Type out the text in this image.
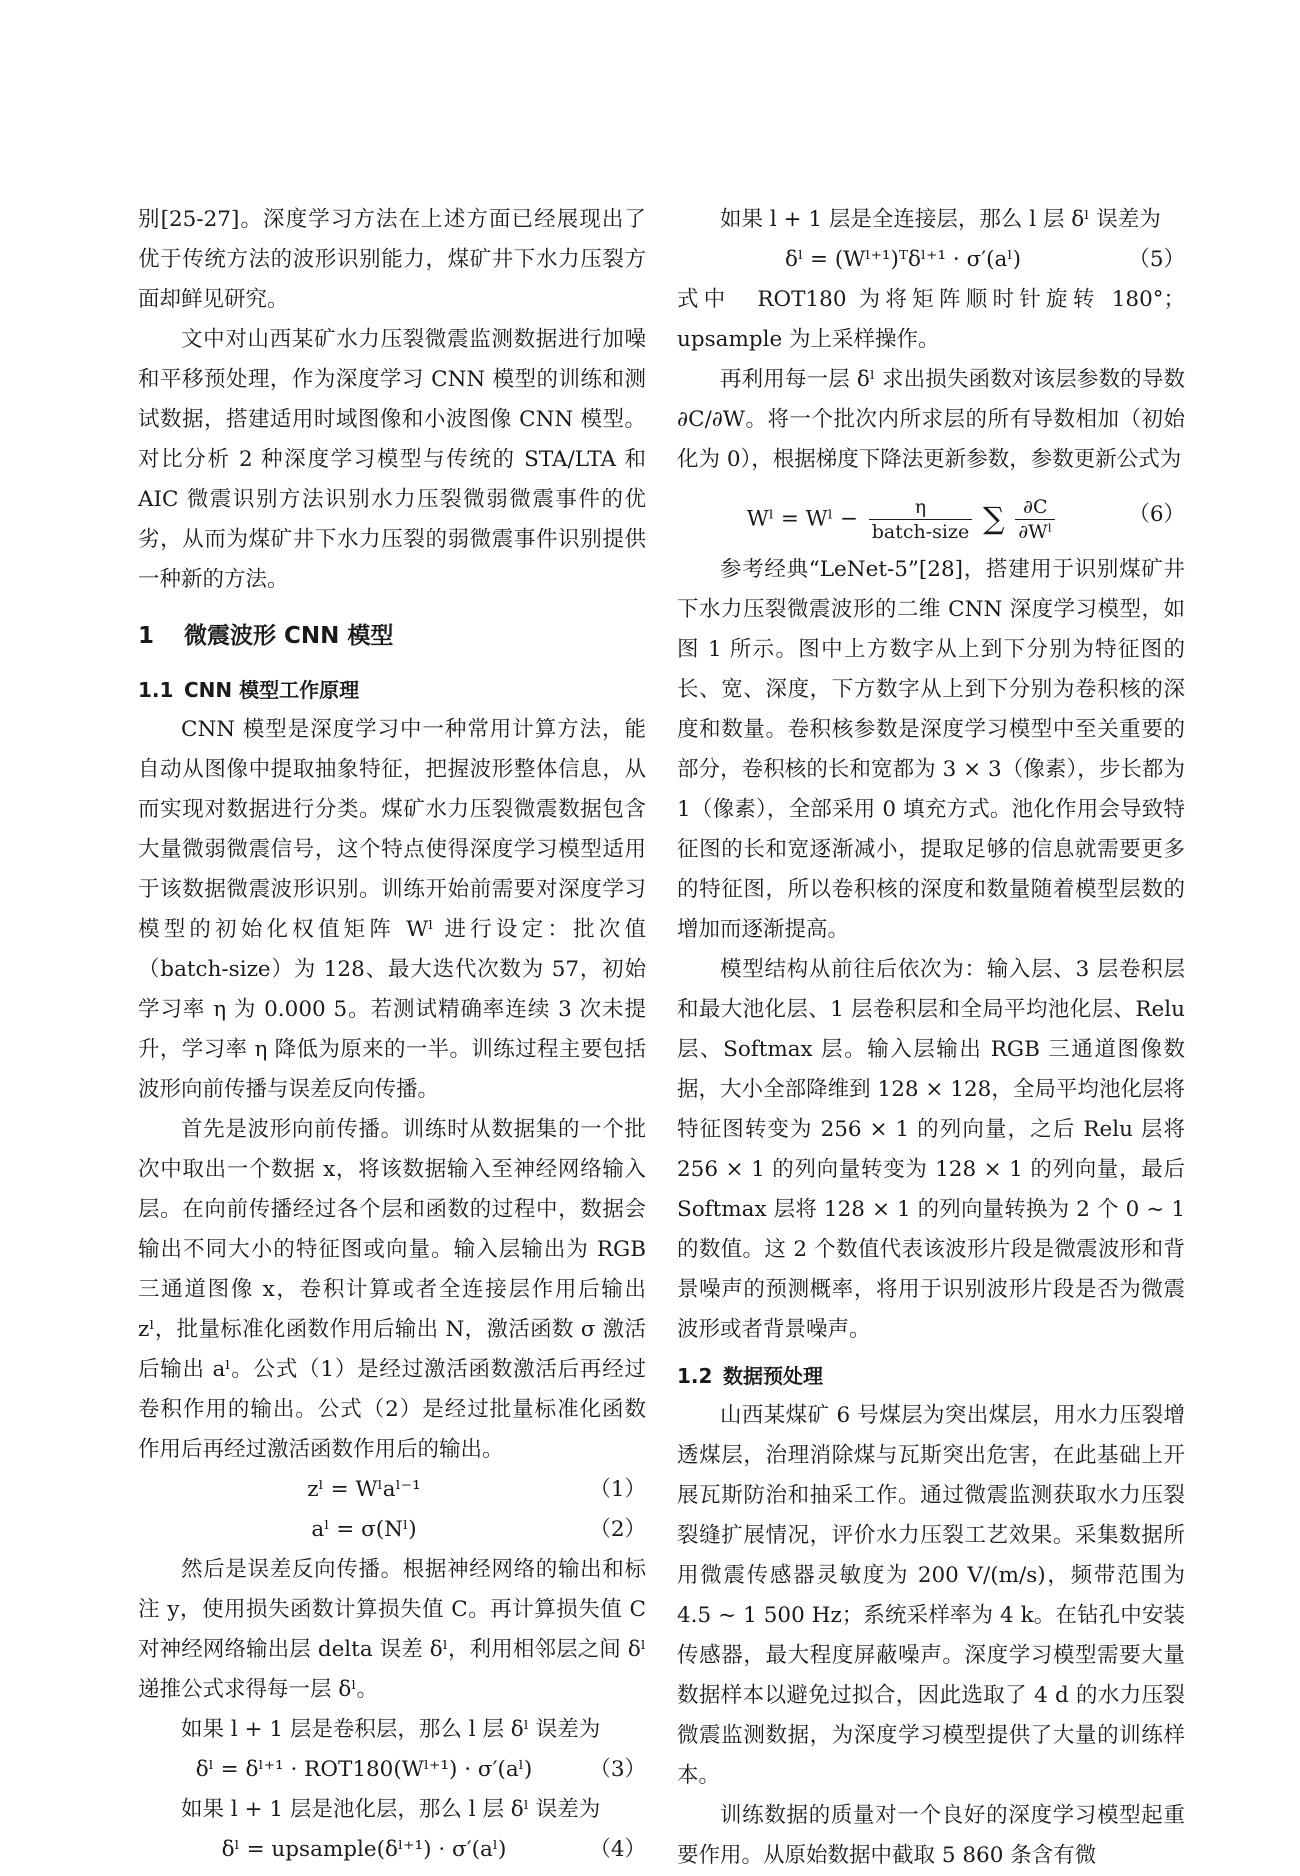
别[25-27]。深度学习方法在上述方面已经展现出了优于传统方法的波形识别能力，煤矿井下水力压裂方面却鲜见研究。

文中对山西某矿水力压裂微震监测数据进行加噪和平移预处理，作为深度学习 CNN 模型的训练和测试数据，搭建适用时域图像和小波图像 CNN 模型。对比分析 2 种深度学习模型与传统的 STA/LTA 和 AIC 微震识别方法识别水力压裂微弱微震事件的优劣，从而为煤矿井下水力压裂的弱微震事件识别提供一种新的方法。

1 微震波形 CNN 模型
1.1 CNN 模型工作原理

CNN 模型是深度学习中一种常用计算方法，能自动从图像中提取抽象特征，把握波形整体信息，从而实现对数据进行分类。煤矿水力压裂微震数据包含大量微弱微震信号，这个特点使得深度学习模型适用于该数据微震波形识别。训练开始前需要对深度学习模型的初始化权值矩阵 Wˡ 进行设定：批次值（batch-size）为 128、最大迭代次数为 57，初始学习率 η 为 0.000 5。若测试精确率连续 3 次未提升，学习率 η 降低为原来的一半。训练过程主要包括波形向前传播与误差反向传播。

首先是波形向前传播。训练时从数据集的一个批次中取出一个数据 x，将该数据输入至神经网络输入层。在向前传播经过各个层和函数的过程中，数据会输出不同大小的特征图或向量。输入层输出为 RGB 三通道图像 x，卷积计算或者全连接层作用后输出 zˡ，批量标准化函数作用后输出 N，激活函数 σ 激活后输出 aˡ。公式（1）是经过激活函数激活后再经过卷积作用的输出。公式（2）是经过批量标准化函数作用后再经过激活函数作用后的输出。

zˡ = Wˡaˡ⁻¹	（1）
aˡ = σ(Nˡ)	（2）

然后是误差反向传播。根据神经网络的输出和标注 y，使用损失函数计算损失值 C。再计算损失值 C 对神经网络输出层 delta 误差 δˡ，利用相邻层之间 δˡ 递推公式求得每一层 δˡ。

如果 l + 1 层是卷积层，那么 l 层 δˡ 误差为

δˡ = δˡ⁺¹ · ROT180(Wˡ⁺¹) · σ′(aˡ)	（3）

如果 l + 1 层是池化层，那么 l 层 δˡ 误差为

δˡ = upsample(δˡ⁺¹) · σ′(aˡ)	（4）

如果 l + 1 层是全连接层，那么 l 层 δˡ 误差为

δˡ = (Wˡ⁺¹)ᵀδˡ⁺¹ · σ′(aˡ)	（5）

式中　ROT180 为将矩阵顺时针旋转 180°；upsample 为上采样操作。

再利用每一层 δˡ 求出损失函数对该层参数的导数 ∂C/∂W。将一个批次内所求层的所有导数相加（初始化为 0），根据梯度下降法更新参数，参数更新公式为

Wˡ = Wˡ − $\frac{\eta}{\text{batch-size}}$ ∑ $\frac{\partial C}{\text{∂Wˡ}}$	（6）

参考经典“LeNet-5”[28]，搭建用于识别煤矿井下水力压裂微震波形的二维 CNN 深度学习模型，如图 1 所示。图中上方数字从上到下分别为特征图的长、宽、深度，下方数字从上到下分别为卷积核的深度和数量。卷积核参数是深度学习模型中至关重要的部分，卷积核的长和宽都为 3 × 3（像素），步长都为 1（像素），全部采用 0 填充方式。池化作用会导致特征图的长和宽逐渐减小，提取足够的信息就需要更多的特征图，所以卷积核的深度和数量随着模型层数的增加而逐渐提高。

模型结构从前往后依次为：输入层、3 层卷积层和最大池化层、1 层卷积层和全局平均池化层、Relu 层、Softmax 层。输入层输出 RGB 三通道图像数据，大小全部降维到 128 × 128，全局平均池化层将特征图转变为 256 × 1 的列向量，之后 Relu 层将 256 × 1 的列向量转变为 128 × 1 的列向量，最后 Softmax 层将 128 × 1 的列向量转换为 2 个 0 ~ 1 的数值。这 2 个数值代表该波形片段是微震波形和背景噪声的预测概率，将用于识别波形片段是否为微震波形或者背景噪声。

1.2 数据预处理

山西某煤矿 6 号煤层为突出煤层，用水力压裂增透煤层，治理消除煤与瓦斯突出危害，在此基础上开展瓦斯防治和抽采工作。通过微震监测获取水力压裂裂缝扩展情况，评价水力压裂工艺效果。采集数据所用微震传感器灵敏度为 200 V/(m/s)，频带范围为 4.5 ~ 1 500 Hz；系统采样率为 4 k。在钻孔中安装传感器，最大程度屏蔽噪声。深度学习模型需要大量数据样本以避免过拟合，因此选取了 4 d 的水力压裂微震监测数据，为深度学习模型提供了大量的训练样本。

训练数据的质量对一个良好的深度学习模型起重要作用。从原始数据中截取 5 860 条含有微
